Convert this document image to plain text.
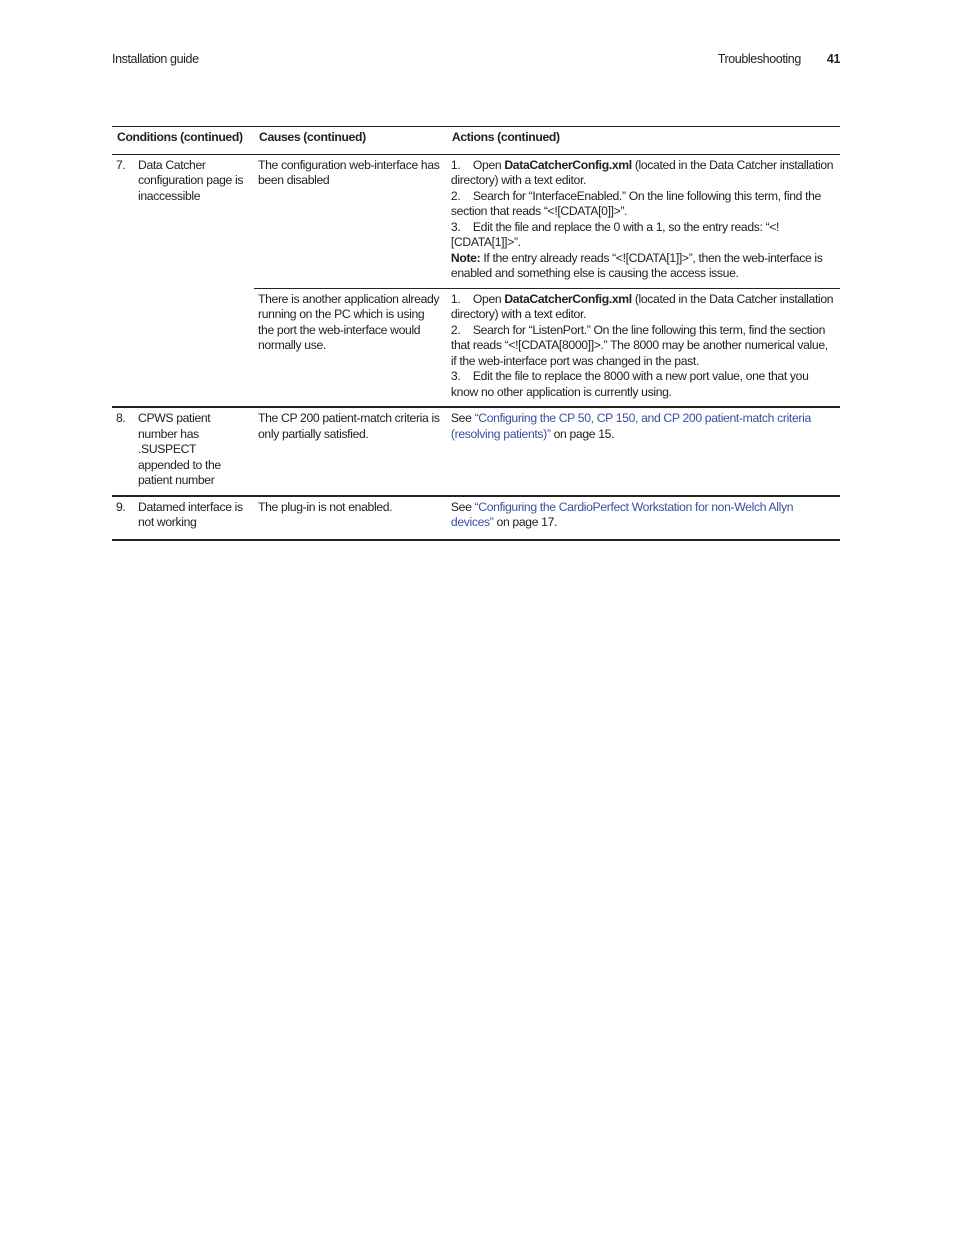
Installation guide	Troubleshooting 41
Conditions (continued)	Causes (continued)	Actions (continued)

7. Data Catcher configuration page is inaccessible	The configuration web-interface has been disabled	1. Open DataCatcherConfig.xml (located in the Data Catcher installation directory) with a text editor.
2. Search for “InterfaceEnabled.” On the line following this term, find the section that reads “<![CDATA[0]]>”.
3. Edit the file and replace the 0 with a 1, so the entry reads: “<![CDATA[1]]>”.
Note: If the entry already reads “<![CDATA[1]]>”, then the web-interface is enabled and something else is causing the access issue.

	There is another application already running on the PC which is using the port the web-interface would normally use.	1. Open DataCatcherConfig.xml (located in the Data Catcher installation directory) with a text editor.
2. Search for “ListenPort.” On the line following this term, find the section that reads “<![CDATA[8000]]>.” The 8000 may be another numerical value, if the web-interface port was changed in the past.
3. Edit the file to replace the 8000 with a new port value, one that you know no other application is currently using.

8. CPWS patient number has .SUSPECT appended to the patient number	The CP 200 patient-match criteria is only partially satisfied.	See “Configuring the CP 50, CP 150, and CP 200 patient-match criteria (resolving patients)” on page 15.

9. Datamed interface is not working	The plug-in is not enabled.	See “Configuring the CardioPerfect Workstation for non-Welch Allyn devices” on page 17.
